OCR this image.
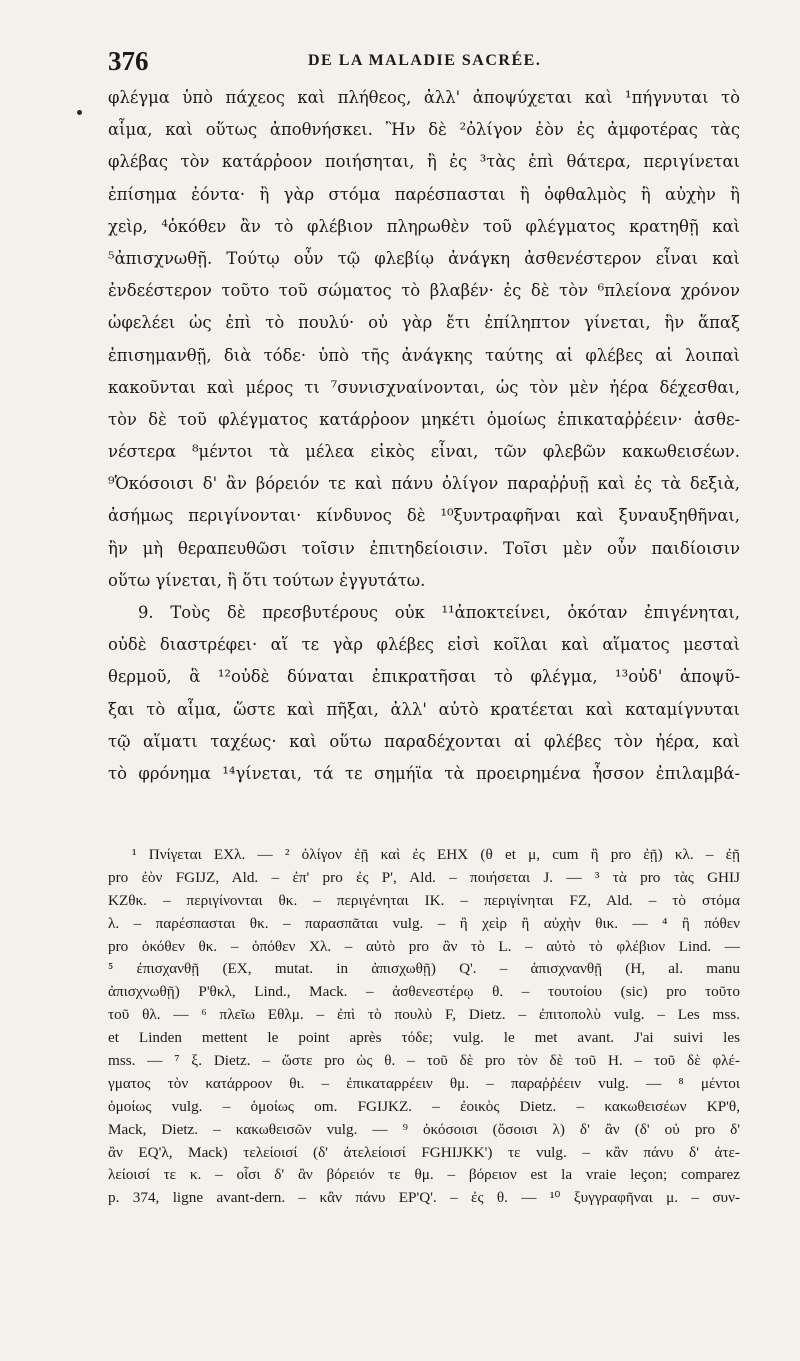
376	DE LA MALADIE SACRÉE.
φλέγμα ὑπὸ πάχεος καὶ πλήθεος, ἀλλ' ἀποψύχεται καὶ ¹πήγνυται τὸ
αἷμα, καὶ οὕτως ἀποθνήσκει. Ἢν δὲ ²ὀλίγον ἐὸν ἐς ἀμφοτέρας τὰς
φλέβας τὸν κατάρῥοον ποιήσηται, ἢ ἐς ³τὰς ἐπὶ θάτερα, περιγίνεται
ἐπίσημα ἐόντα· ἢ γὰρ στόμα παρέσπασται ἢ ὀφθαλμὸς ἢ αὐχὴν ἢ
χεὶρ, ⁴ὁκόθεν ἂν τὸ φλέβιον πληρωθὲν τοῦ φλέγματος κρατηθῇ καὶ
⁵ἀπισχνωθῇ. Τούτῳ οὖν τῷ φλεβίῳ ἀνάγκη ἀσθενέστερον εἶναι καὶ
ἐνδεέστερον τοῦτο τοῦ σώματος τὸ βλαβέν· ἐς δὲ τὸν ⁶πλείονα χρόνον
ὠφελέει ὡς ἐπὶ τὸ πουλύ· οὐ γὰρ ἔτι ἐπίληπτον γίνεται, ἢν ἅπαξ
ἐπισημανθῇ, διὰ τόδε· ὑπὸ τῆς ἀνάγκης ταύτης αἱ φλέβες αἱ λοιπαὶ
κακοῦνται καὶ μέρος τι ⁷συνισχναίνονται, ὡς τὸν μὲν ἠέρα δέχεσθαι,
τὸν δὲ τοῦ φλέγματος κατάρῥοον μηκέτι ὁμοίως ἐπικαταῤῥέειν· ἀσθε-
νέστερα ⁸μέντοι τὰ μέλεα εἰκὸς εἶναι, τῶν φλεβῶν κακωθεισέων.
⁹Ὁκόσοισι δ' ἂν βόρειόν τε καὶ πάνυ ὀλίγον παραῤῥυῇ καὶ ἐς τὰ δεξιὰ,
ἀσήμως περιγίνονται· κίνδυνος δὲ ¹⁰ξυντραφῆναι καὶ ξυναυξηθῆναι,
ἢν μὴ θεραπευθῶσι τοῖσιν ἐπιτηδείοισιν. Τοῖσι μὲν οὖν παιδίοισιν
οὕτω γίνεται, ἢ ὅτι τούτων ἐγγυτάτω.
9. Τοὺς δὲ πρεσβυτέρους οὐκ ¹¹ἀποκτείνει, ὁκόταν ἐπιγένηται,
οὐδὲ διαστρέφει· αἵ τε γὰρ φλέβες εἰσὶ κοῖλαι καὶ αἵματος μεσταὶ
θερμοῦ, ἃ ¹²οὐδὲ δύναται ἐπικρατῆσαι τὸ φλέγμα, ¹³οὐδ' ἀποψῦ-
ξαι τὸ αἷμα, ὥστε καὶ πῆξαι, ἀλλ' αὐτὸ κρατέεται καὶ καταμίγνυται
τῷ αἵματι ταχέως· καὶ οὕτω παραδέχονται αἱ φλέβες τὸν ἠέρα, καὶ
τὸ φρόνημα ¹⁴γίνεται, τά τε σημήϊα τὰ προειρημένα ἧσσον ἐπιλαμβά-
¹ Πνίγεται EΧλ. — ² ὀλίγον ἐῇ καὶ ἐς EHX (θ et μ, cum ἢ pro ἐῇ) κλ. – ἐῇ
pro ἐὸν FGIJZ, Ald. – ἐπ' pro ἐς P', Ald. – ποιήσεται J. — ³ τὰ pro τὰς GHIJ
KZθκ. – περιγίνονται θκ. – περιγένηται IK. – περιγίνηται FZ, Ald. – τὸ στόμα
λ. – παρέσπασται θκ. – παρασπᾶται vulg. – ἢ χεὶρ ἢ αὐχὴν θικ. — ⁴ ἢ πόθεν
pro ὁκόθεν θκ. – ὁπόθεν Xλ. – αὐτὸ pro ἂν τὸ L. – αὐτὸ τὸ φλέβιον Lind. —
⁵ ἐπισχανθῇ (EX, mutat. in ἀπισχωθῇ) Q'. – ἀπισχνανθῇ (H, al. manu
ἀπισχνωθῇ) P'θκλ, Lind., Mack. – ἀσθενεστέρῳ θ. – τουτοίου (sic) pro τοῦτο
τοῦ θλ. — ⁶ πλεῖω Eθλμ. – ἐπὶ τὸ πουλὺ F, Dietz. – ἐπιτοπολὺ vulg. – Les mss.
et Linden mettent le point après τόδε; vulg. le met avant. J'ai suivi les
mss. — ⁷ ξ. Dietz. – ὥστε pro ὡς θ. – τοῦ δὲ pro τὸν δὲ τοῦ H. – τοῦ δὲ φλέ-
γματος τὸν κατάρροον θι. – ἐπικαταρρέειν θμ. – παραῤῥέειν vulg. — ⁸ μέντοι
ὁμοίως vulg. – ὁμοίως om. FGIJKZ. – ἐοικὸς Dietz. – κακωθεισέων KP'θ,
Mack, Dietz. – κακωθεισῶν vulg. — ⁹ ὁκόσοισι (ὅσοισι λ) δ' ἂν (δ' οὐ pro δ'
ἂν EQ'λ, Mack) τελείοισί (δ' ἀτελείοισί FGHIJKK') τε vulg. – κἂν πάνυ δ' ἀτε-
λείοισί τε κ. – οἷσι δ' ἂν βόρειόν τε θμ. – βόρειον est la vraie leçon; comparez
p. 374, ligne avant-dern. – κἂν πάνυ EP'Q'. – ἐς θ. — ¹⁰ ξυγγραφῆναι μ. – συν-
